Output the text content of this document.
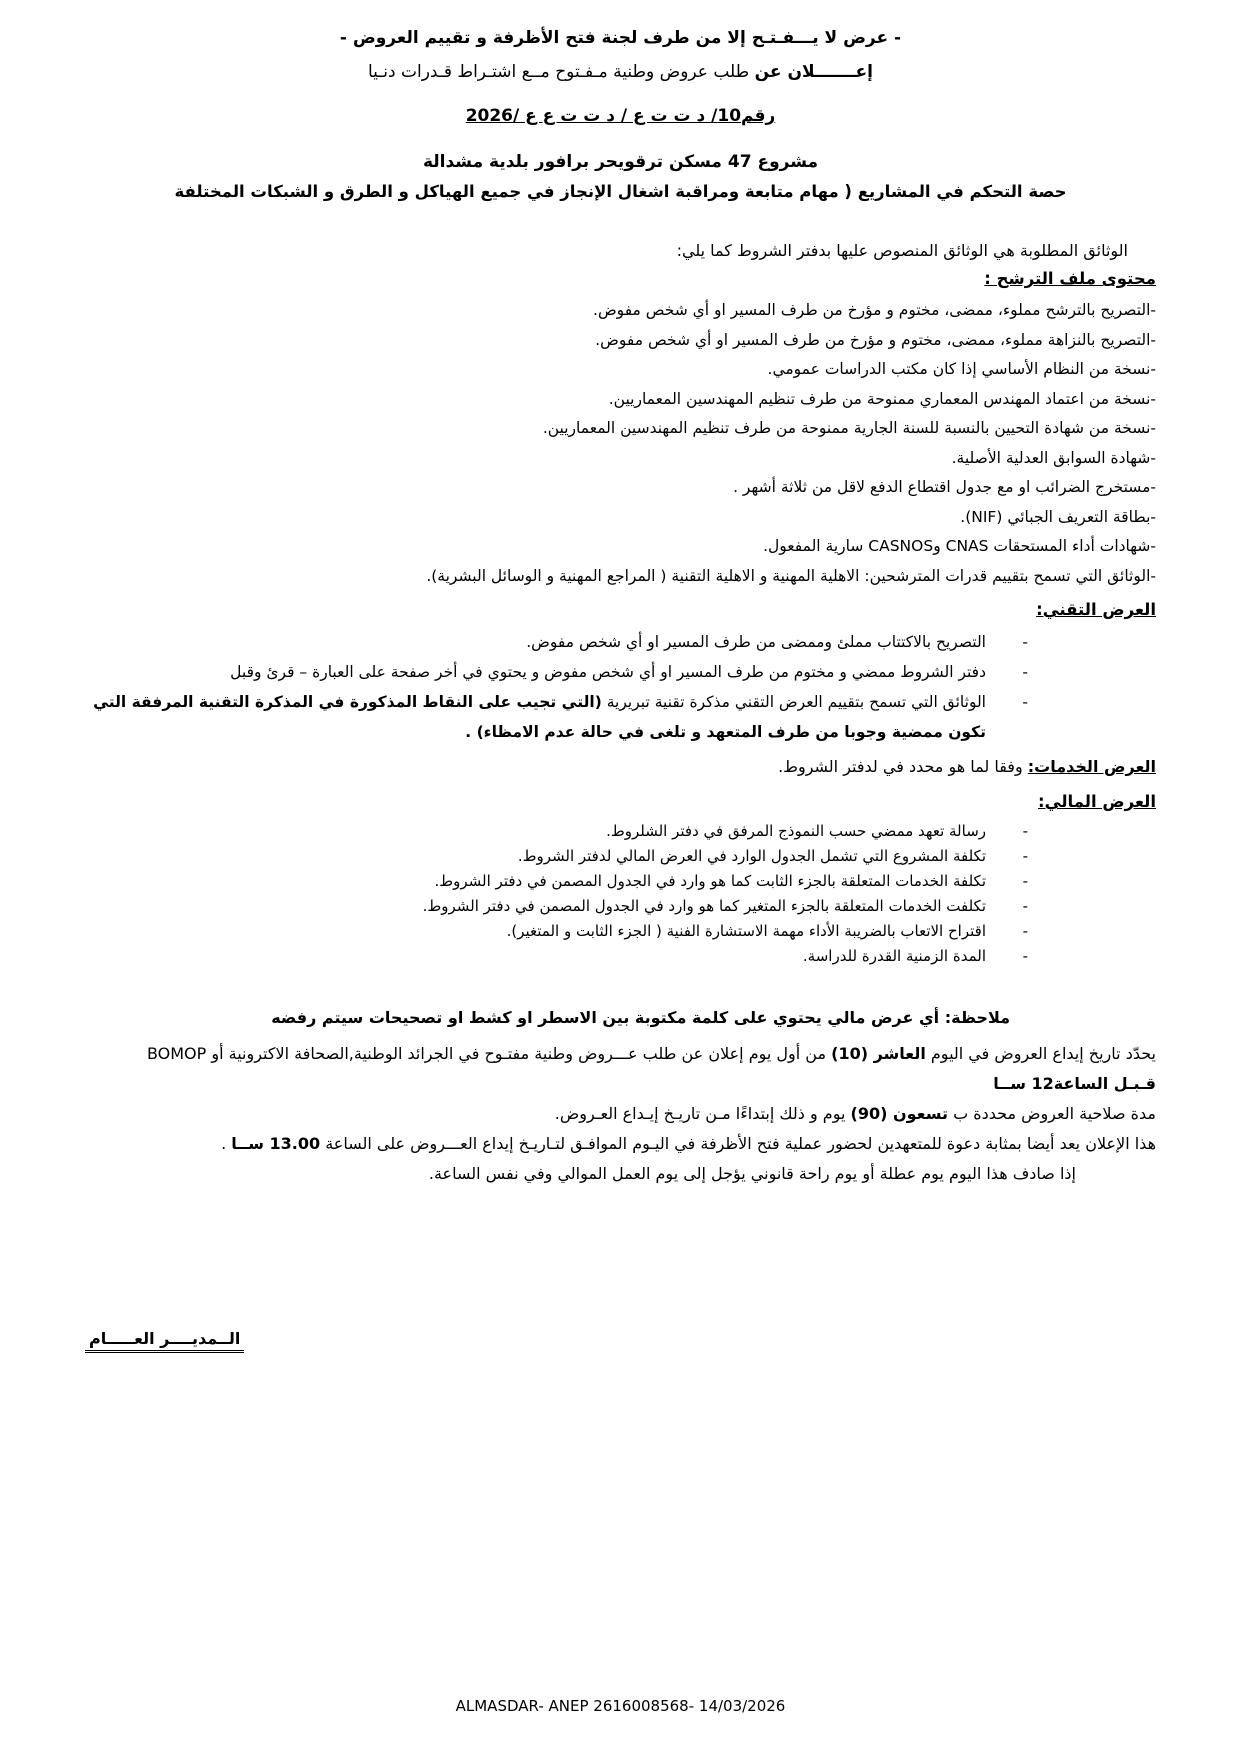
- عرض لا يـــفـتـح إلا من طرف لجنة فتح الأظرفة و تقييم العروض -

إعـــــــلان عن طلب عروض وطنية مـفـتوح مــع اشتـراط قـدرات دنـيا

رقم10/ د ت ت ع / د ت ت ع ع /2026

مشروع 47 مسكن ترقويحر برافور بلدية مشدالة

حصة التحكم في المشاريع ( مهام متابعة ومراقبة اشغال الإنجاز في جميع الهياكل و الطرق و الشبكات المختلفة

الوثائق المطلوبة هي الوثائق المنصوص عليها بدفتر الشروط كما يلي:

محتوى ملف الترشح :

-التصريح بالترشح مملوء، ممضى، مختوم و مؤرخ من طرف المسير او أي شخص مفوض.
-التصريح بالنزاهة مملوء، ممضى، مختوم و مؤرخ من طرف المسير او أي شخص مفوض.
-نسخة من النظام الأساسي إذا كان مكتب الدراسات عمومي.
-نسخة من اعتماد المهندس المعماري ممنوحة من طرف تنظيم المهندسين المعماريين.
-نسخة من شهادة التحيين بالنسبة للسنة الجارية ممنوحة من طرف تنظيم المهندسين المعماريين.
-شهادة السوابق العدلية الأصلية.
-مستخرج الضرائب او مع جدول اقتطاع الدفع لاقل من ثلاثة أشهر .
-بطاقة التعريف الجبائي (NIF).
-شهادات أداء المستحقات CNAS وCASNOS سارية المفعول.
-الوثائق التي تسمح بتقييم قدرات المترشحين: الاهلية المهنية و الاهلية التقنية ( المراجع المهنية و الوسائل البشرية).

العرض التقني:

-
التصريح بالاكتتاب مملئ وممضى من طرف المسير او أي شخص مفوض.
-
دفتر الشروط ممضي و مختوم من طرف المسير او أي شخص مفوض و يحتوي في أخر صفحة على العبارة – قرئ وقبل
-
الوثائق التي تسمح بتقييم العرض التقني مذكرة تقنية تبريرية (التي تجيب على النقاط المذكورة في المذكرة التقنية المرفقة التي تكون ممضية وجوبا من طرف المتعهد و تلغى في حالة عدم الامظاء) .

العرض الخدمات: وفقا لما هو محدد في لدفتر الشروط.

العرض المالي:

-
رسالة تعهد ممضي حسب النموذج المرفق في دفتر الشلروط.
-
تكلفة المشروع التي تشمل الجدول الوارد في العرض المالي لدفتر الشروط.
-
تكلفة الخدمات المتعلقة بالجزء الثابت كما هو وارد في الجدول المصمن في دفتر الشروط.
-
تكلفت الخدمات المتعلقة بالجزء المتغير كما هو وارد في الجدول المصمن في دفتر الشروط.
-
اقتراح الاتعاب بالضريبة الأداء مهمة الاستشارة الفنية ( الجزء الثابت و المتغير).
-
المدة الزمنية القدرة للدراسة.

ملاحظة: أي عرض مالي يحتوي على كلمة مكتوبة بين الاسطر او كشط او تصحيحات سيتم رفضه

يحدّد تاريخ إيداع العروض في اليوم العاشر (10) من أول يوم إعلان عن طلب عـــروض وطنية مفتـوح في الجرائد الوطنية,الصحافة الاكترونية أو BOMOP

قـبـل الساعة12 ســا

مدة صلاحية العروض محددة ب تسعون (90) يوم و ذلك إبتداءًا مـن تاريـخ إيـداع العـروض.

هذا الإعلان يعد أيضا بمثابة دعوة للمتعهدين لحضور عملية فتح الأظرفة في اليـوم الموافـق لتـاريـخ إيداع العـــروض على الساعة 13.00 ســا .

إذا صادف هذا اليوم يوم عطلة أو يوم راحة قانوني يؤجل إلى يوم العمل الموالي وفي نفس الساعة.

الــمديــــر العـــــام

ALMASDAR- ANEP 2616008568- 14/03/2026
